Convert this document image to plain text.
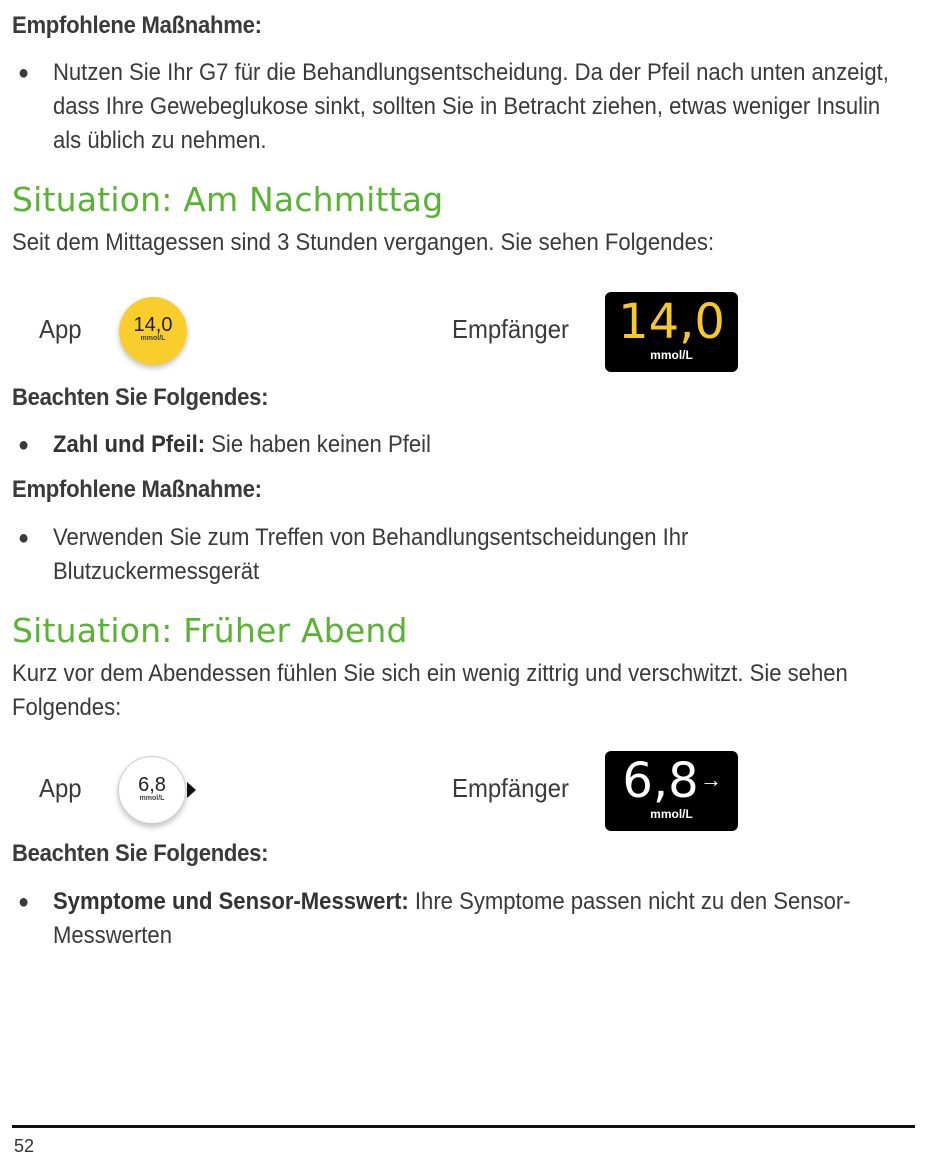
Empfohlene Maßnahme:
● Nutzen Sie Ihr G7 für die Behandlungsentscheidung. Da der Pfeil nach unten anzeigt, dass Ihre Gewebeglukose sinkt, sollten Sie in Betracht ziehen, etwas weniger Insulin als üblich zu nehmen.
Situation: Am Nachmittag
Seit dem Mittagessen sind 3 Stunden vergangen. Sie sehen Folgendes:
App	14,0
mmol/L	Empfänger 14,0
mmol/L
Beachten Sie Folgendes:
● Zahl und Pfeil: Sie haben keinen Pfeil
Empfohlene Maßnahme:
● Verwenden Sie zum Treffen von Behandlungsentscheidungen Ihr Blutzuckermessgerät
Situation: Früher Abend
Kurz vor dem Abendessen fühlen Sie sich ein wenig zittrig und verschwitzt. Sie sehen Folgendes:
App	6,8
mmol/L	Empfänger	6,8 →
mmol/L
Beachten Sie Folgendes:
● Symptome und Sensor-Messwert: Ihre Symptome passen nicht zu den Sensor-Messwerten
52
